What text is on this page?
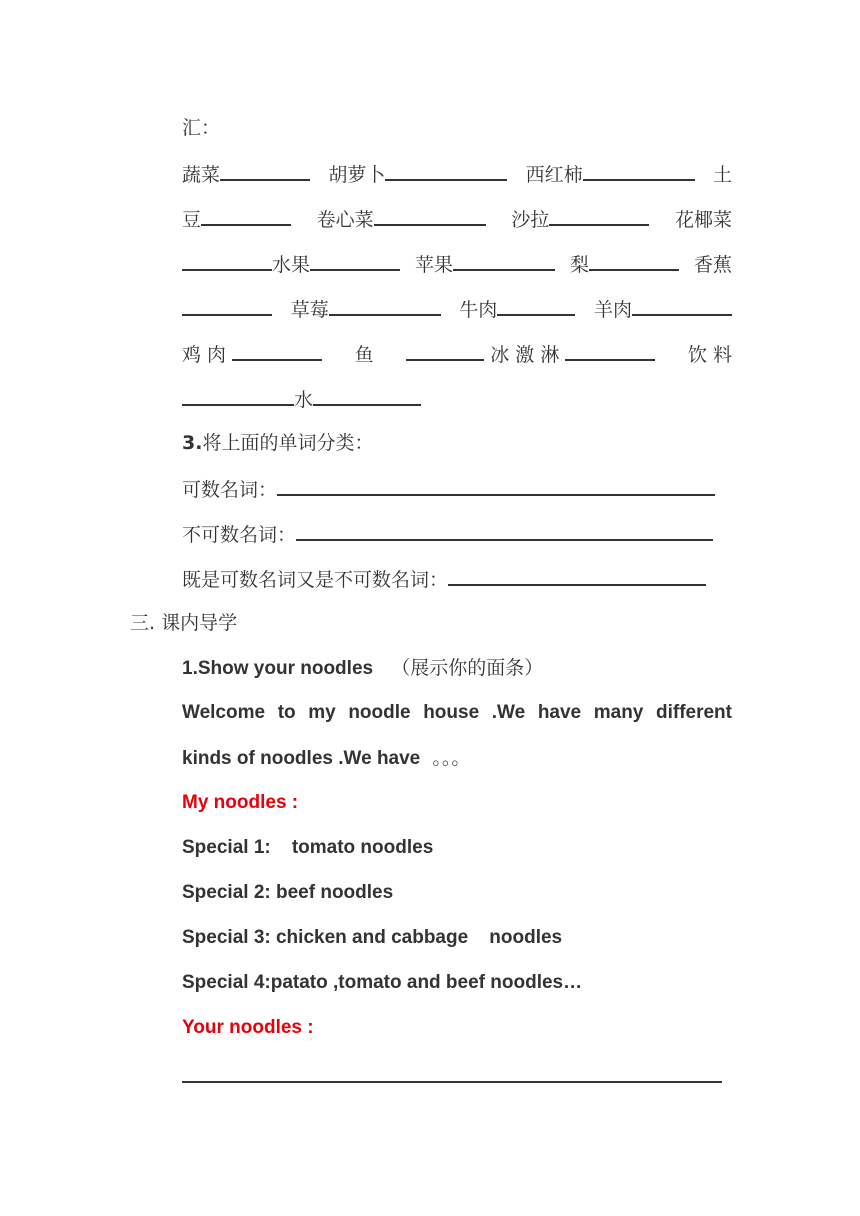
汇：
蔬菜	胡萝卜	西红柿	土
豆	卷心菜	沙拉	花椰菜
水果	苹果	梨	香蕉
草莓	牛肉	羊肉
鸡 肉	鱼	冰 激 淋	饮 料
水
3.将上面的单词分类：
可数名词：
不可数名词：
既是可数名词又是不可数名词：
三. 课内导学
1.Show your noodles （展示你的面条）
Welcome to my noodle house .We have many different
kinds of noodles .We have 。。。
My noodles :
Special 1:    tomato noodles
Special 2: beef noodles
Special 3: chicken and cabbage    noodles
Special 4:patato ,tomato and beef noodles…
Your noodles :
